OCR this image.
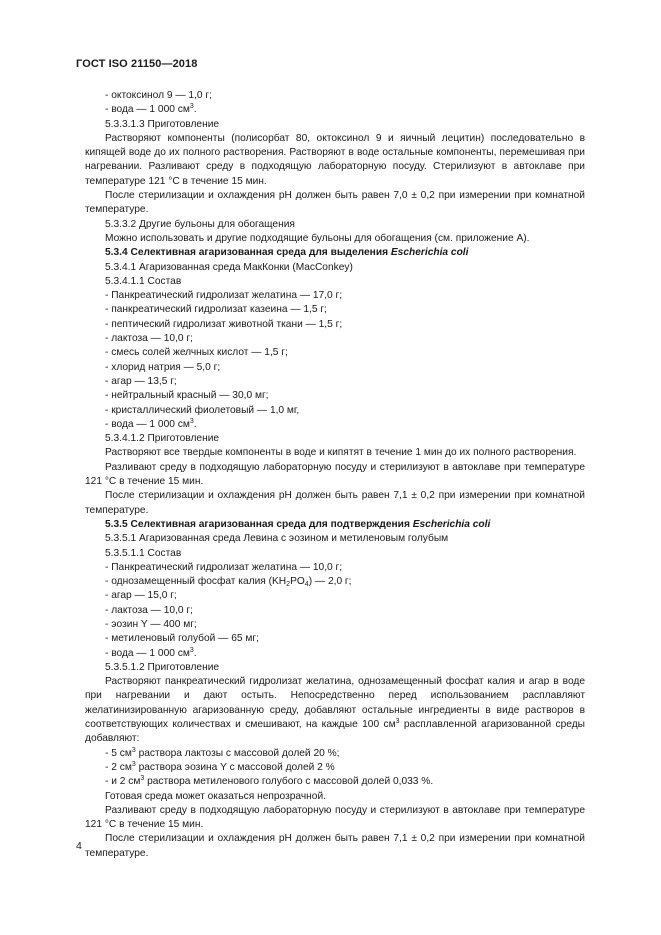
ГОСТ ISO 21150—2018

- октоксинол 9 — 1,0 г;

- вода — 1 000 $см^3$.

5.3.3.1.3 Приготовление

Растворяют компоненты (полисорбат 80, октоксинол 9 и яичный лецитин) последовательно в кипящей воде до их полного растворения. Растворяют в воде остальные компоненты, перемешивая при нагревании. Разливают среду в подходящую лабораторную посуду. Стерилизуют в автоклаве при температуре 121 °С в течение 15 мин.

После стерилизации и охлаждения pH должен быть равен 7,0 ± 0,2 при измерении при комнатной температуре.

5.3.3.2 Другие бульоны для обогащения

Можно использовать и другие подходящие бульоны для обогащения (см. приложение А).

5.3.4 Селективная агаризованная среда для выделения Escherichia coli

5.3.4.1 Агаризованная среда МакКонки (MacConkey)

5.3.4.1.1 Состав

- Панкреатический гидролизат желатина — 17,0 г;

- панкреатический гидролизат казеина — 1,5 г;

- пептический гидролизат животной ткани — 1,5 г;

- лактоза — 10,0 г;

- смесь солей желчных кислот — 1,5 г;

- хлорид натрия — 5,0 г;

- агар — 13,5 г;

- нейтральный красный — 30,0 мг;

- кристаллический фиолетовый — 1,0 мг,

- вода — 1 000 $см^3$.

5.3.4.1.2 Приготовление

Растворяют все твердые компоненты в воде и кипятят в течение 1 мин до их полного растворения.

Разливают среду в подходящую лабораторную посуду и стерилизуют в автоклаве при температуре 121 °С в течение 15 мин.

После стерилизации и охлаждения pH должен быть равен 7,1 ± 0,2 при измерении при комнатной температуре.

5.3.5 Селективная агаризованная среда для подтверждения Escherichia coli

5.3.5.1 Агаризованная среда Левина с эозином и метиленовым голубым

5.3.5.1.1 Состав

- Панкреатический гидролизат желатина — 10,0 г;

- однозамещенный фосфат калия $(KH_2PO_4)$ — 2,0 г;

- агар — 15,0 г;

- лактоза — 10,0 г;

- эозин Y — 400 мг;

- метиленовый голубой — 65 мг;

- вода — 1 000 $см^3$.

5.3.5.1.2 Приготовление

Растворяют панкреатический гидролизат желатина, однозамещенный фосфат калия и агар в воде при нагревании и дают остыть. Непосредственно перед использованием расплавляют желатинизированную агаризованную среду, добавляют остальные ингредиенты в виде растворов в соответствующих количествах и смешивают, на каждые 100 $см^3$ расплавленной агаризованной среды добавляют:

- 5 $см^3$ раствора лактозы с массовой долей 20 %;

- 2 $см^3$ раствора эозина Y с массовой долей 2 %

- и 2 $см^3$ раствора метиленового голубого с массовой долей 0,033 %.

Готовая среда может оказаться непрозрачной.

Разливают среду в подходящую лабораторную посуду и стерилизуют в автоклаве при температуре 121 °С в течение 15 мин.

После стерилизации и охлаждения pH должен быть равен 7,1 ± 0,2 при измерении при комнатной температуре.

4
